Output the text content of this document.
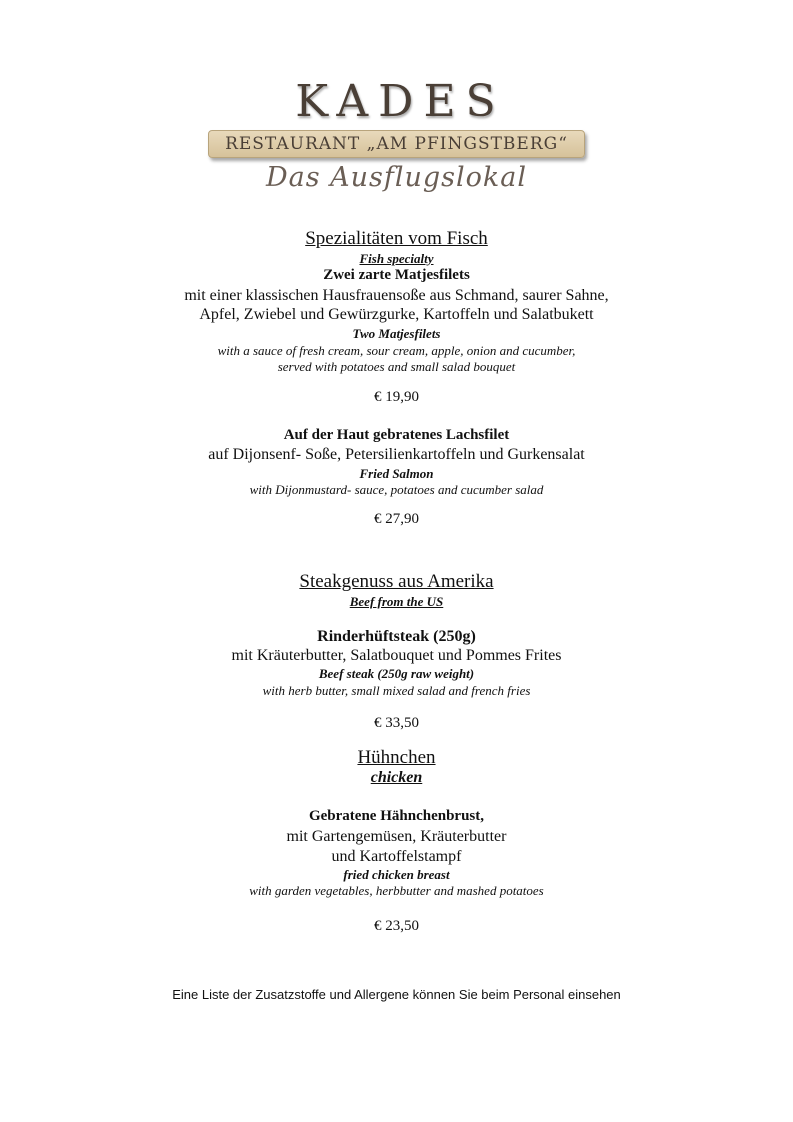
KADES
RESTAURANT „AM PFINGSTBERG“
Das Ausflugslokal
Spezialitäten vom Fisch
Fish specialty
Zwei zarte Matjesfilets
mit einer klassischen Hausfrauensoße aus Schmand, saurer Sahne,
Apfel, Zwiebel und Gewürzgurke, Kartoffeln und Salatbukett
Two Matjesfilets
with a sauce of fresh cream, sour cream, apple, onion and cucumber,
served with potatoes and small salad bouquet
€ 19,90
Auf der Haut gebratenes Lachsfilet
auf Dijonsenf- Soße, Petersilienkartoffeln und Gurkensalat
Fried Salmon
with Dijonmustard- sauce, potatoes and cucumber salad
€ 27,90
Steakgenuss aus Amerika
Beef from the US
Rinderhüftsteak (250g)
mit Kräuterbutter, Salatbouquet und Pommes Frites
Beef steak (250g raw weight)
with herb butter, small mixed salad and french fries
€ 33,50
Hühnchen
chicken
Gebratene Hähnchenbrust,
mit Gartengemüsen, Kräuterbutter
und Kartoffelstampf
fried chicken breast
with garden vegetables, herbbutter and mashed potatoes
€ 23,50
Eine Liste der Zusatzstoffe und Allergene können Sie beim Personal einsehen
